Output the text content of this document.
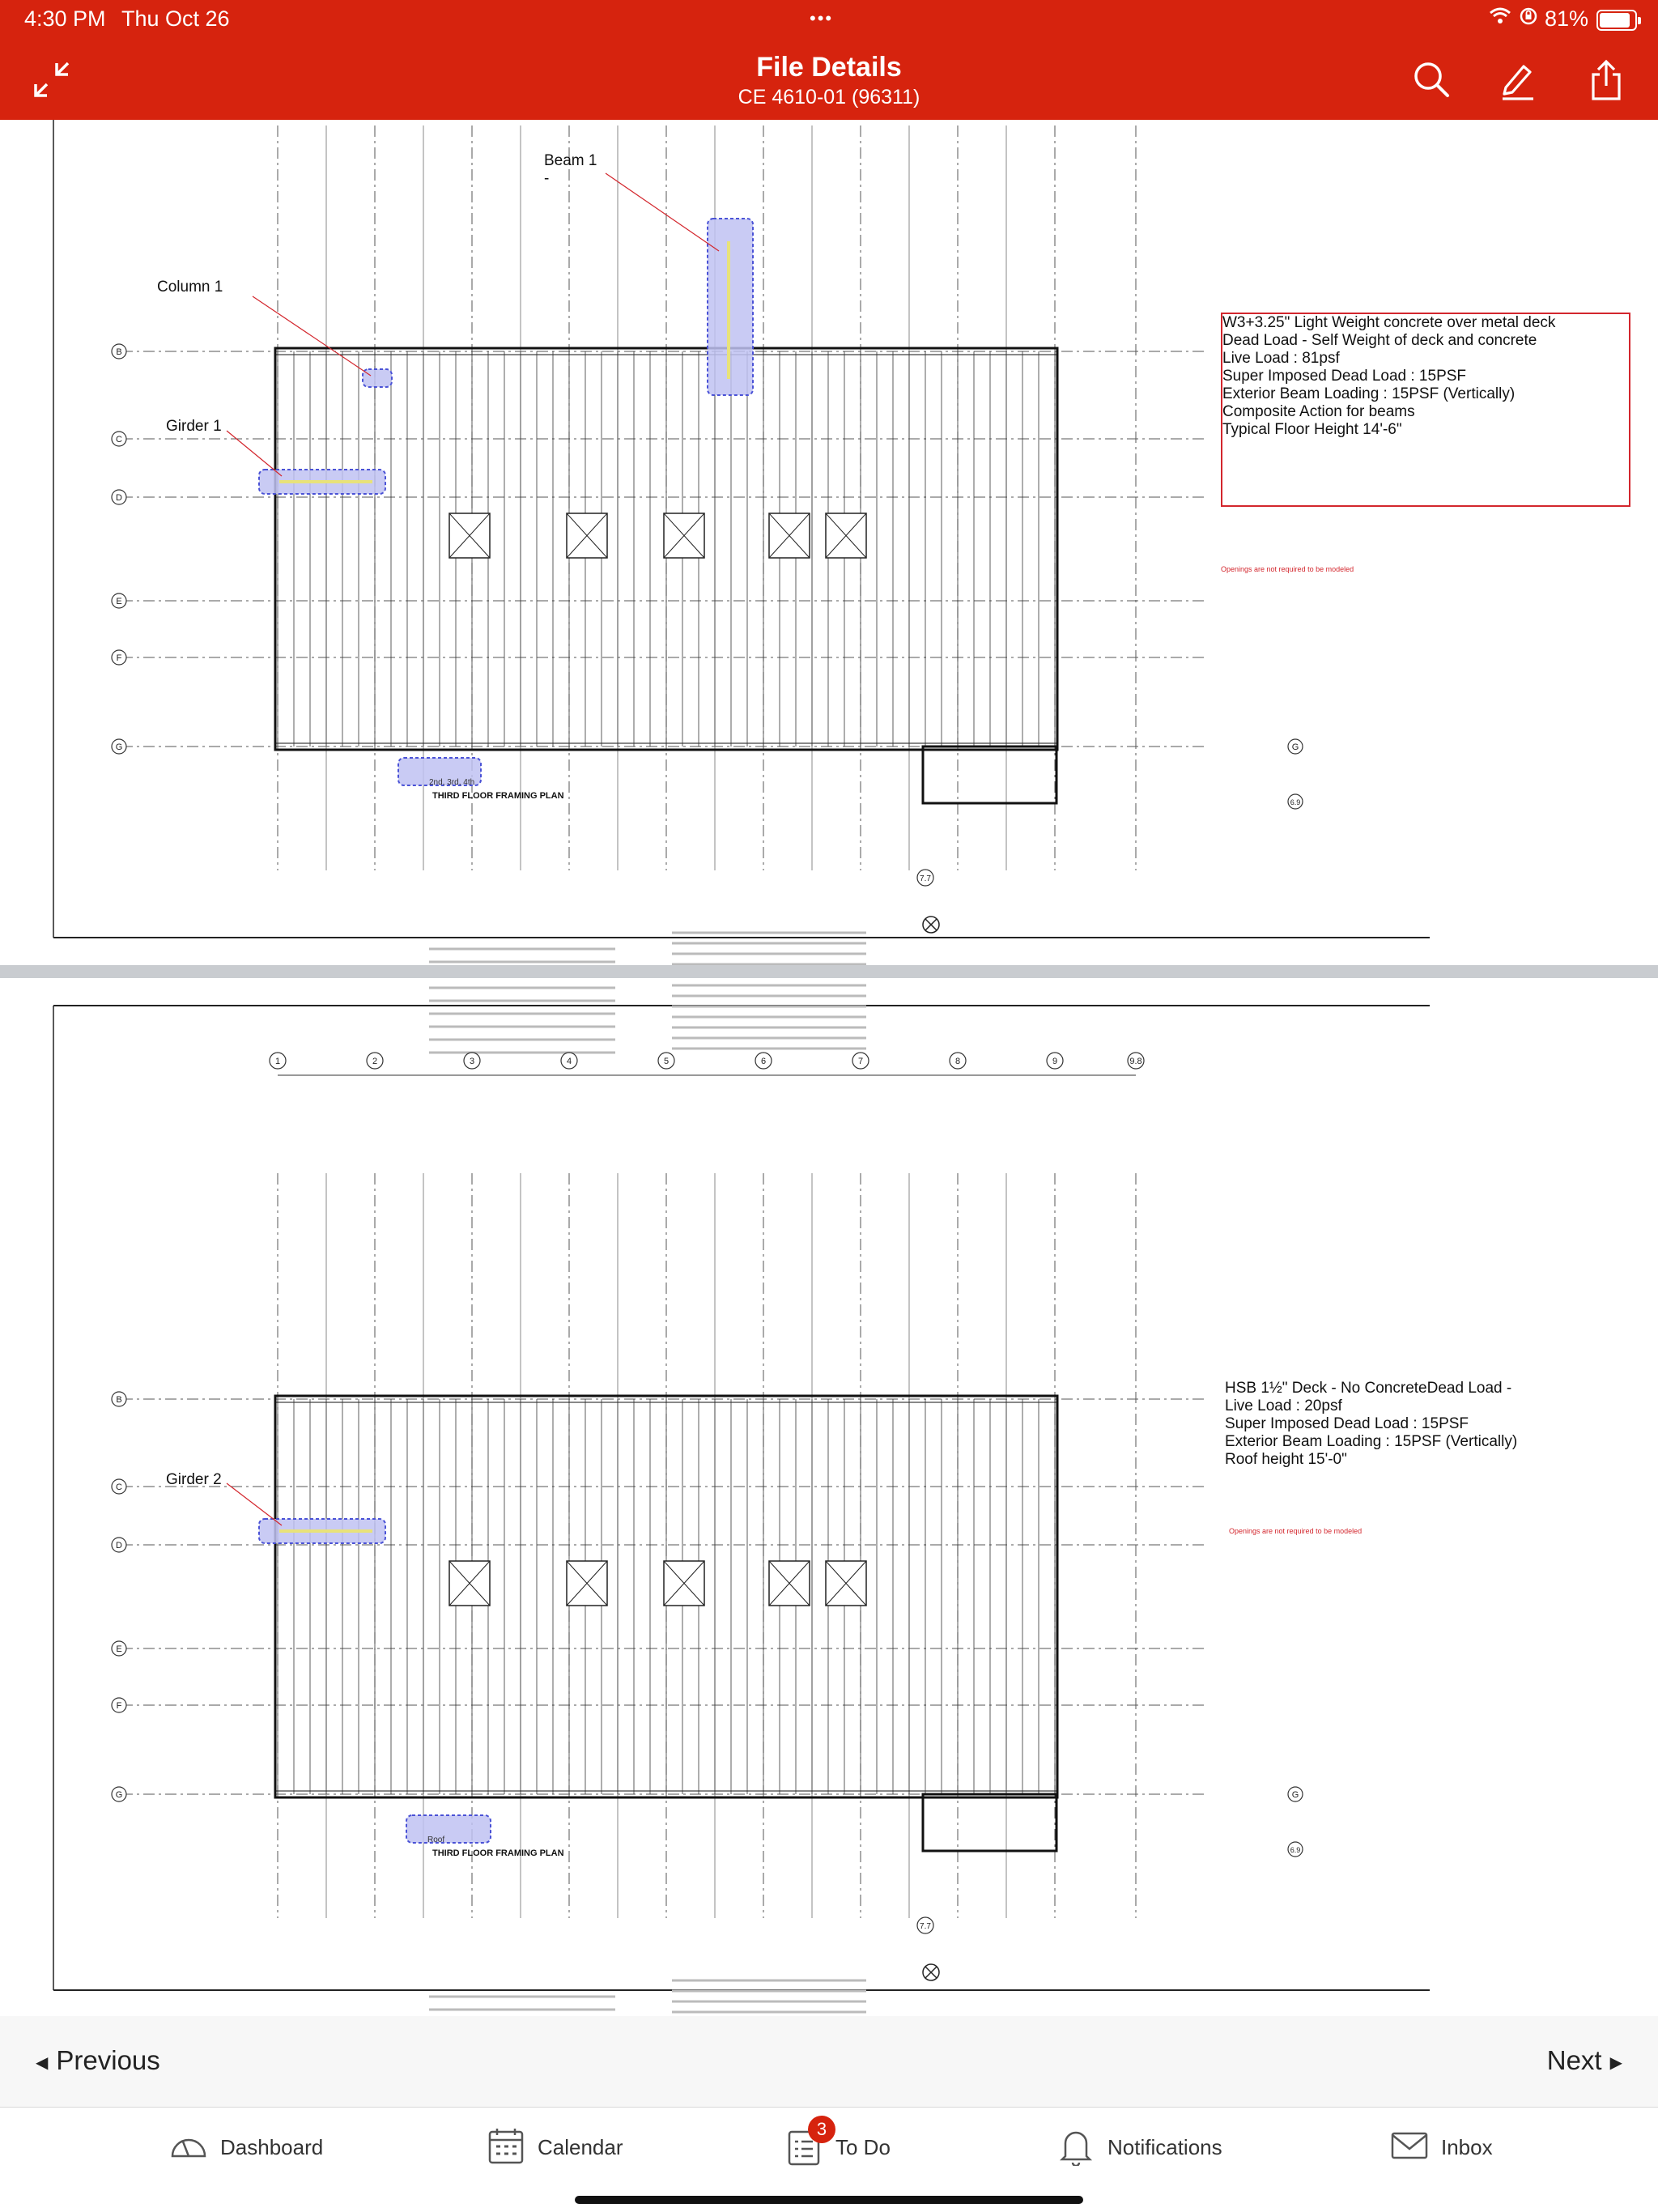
4:30 PM Thu Oct 26	•••	81%
File Details
CE 4610-01 (96311)
B
C
D
E
F
G	G
6.9
7.7
1	2	3	4	5	6	7	8	9	9.8
B
C
D
E
F
G	G
6.9
7.7
Beam 1
-
Column 1
Girder 1
W3+3.25" Light Weight concrete over metal deck
Dead Load - Self Weight of deck and concrete
Live Load : 81psf
Super Imposed Dead Load : 15PSF
Exterior Beam Loading : 15PSF (Vertically)
Composite Action for beams
Typical Floor Height 14'-6"
Openings are not required to be modeled
2nd, 3rd, 4th
THIRD FLOOR FRAMING PLAN
Girder 2
HSB 1½" Deck - No ConcreteDead Load -
Live Load : 20psf
Super Imposed Dead Load : 15PSF
Exterior Beam Loading : 15PSF (Vertically)
Roof height 15'-0"
Openings are not required to be modeled
Roof
THIRD FLOOR FRAMING PLAN
◀ Previous	Next ▶
Dashboard	Calendar
3
To Do	Notifications	Inbox
